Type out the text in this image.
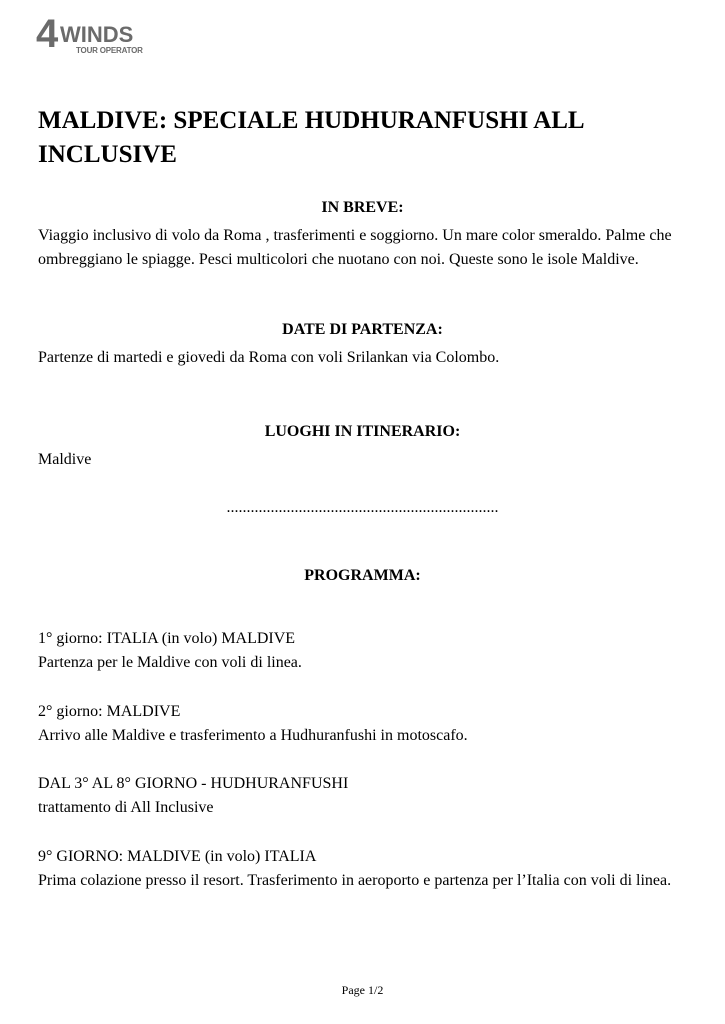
4 WINDS
TOUR OPERATOR
MALDIVE: SPECIALE HUDHURANFUSHI ALL INCLUSIVE
IN BREVE:

Viaggio inclusivo di volo da Roma , trasferimenti e soggiorno. Un mare color smeraldo. Palme che ombreggiano le spiagge. Pesci multicolori che nuotano con noi. Queste sono le isole Maldive.

DATE DI PARTENZA:

Partenze di martedi e giovedi da Roma con voli Srilankan via Colombo.

LUOGHI IN ITINERARIO:

Maldive

....................................................................
PROGRAMMA:
1° giorno: ITALIA (in volo) MALDIVE
Partenza per le Maldive con voli di linea.
2° giorno: MALDIVE
Arrivo alle Maldive e trasferimento a Hudhuranfushi in motoscafo.
DAL 3° AL 8° GIORNO - HUDHURANFUSHI
trattamento di All Inclusive
9° GIORNO: MALDIVE (in volo) ITALIA
Prima colazione presso il resort. Trasferimento in aeroporto e partenza per l’Italia con voli di linea.
Page 1/2
